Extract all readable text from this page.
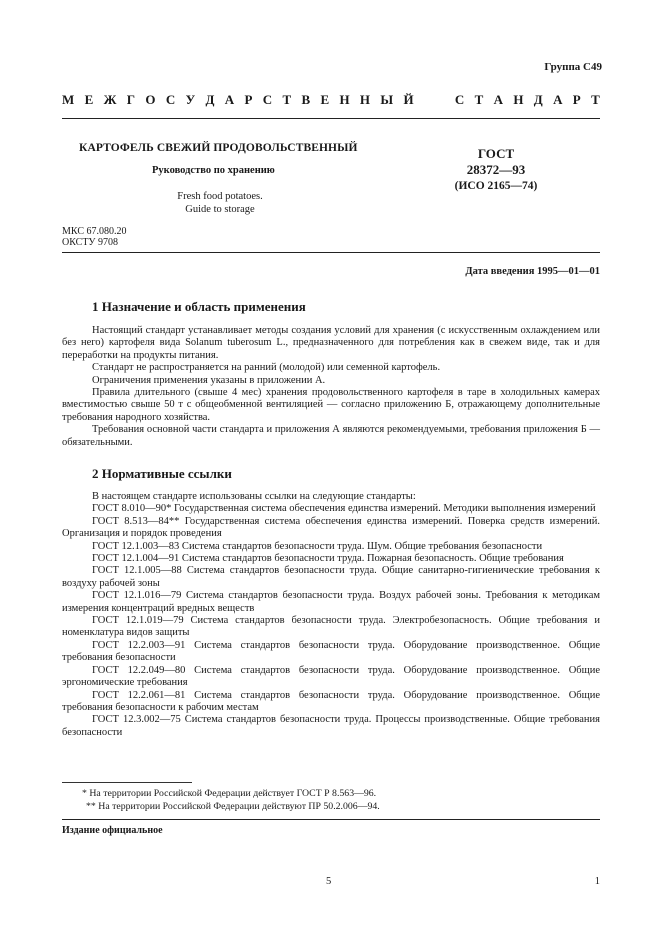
Группа С49
М Е Ж Г О С У Д А Р С Т В Е Н Н Ы Й	С Т А Н Д А Р Т
КАРТОФЕЛЬ СВЕЖИЙ ПРОДОВОЛЬСТВЕННЫЙ
Руководство по хранению
Fresh food potatoes.
Guide to storage
ГОСТ
28372—93
(ИСО 2165—74)
МКС 67.080.20
ОКСТУ 9708
Дата введения 1995—01—01
1 Назначение и область применения

Настоящий стандарт устанавливает методы создания условий для хранения (с искусственным охлаждением или без него) картофеля вида Solanum tuberosum L., предназначенного для потребления как в свежем виде, так и для переработки на продукты питания.

Стандарт не распространяется на ранний (молодой) или семенной картофель.

Ограничения применения указаны в приложении А.

Правила длительного (свыше 4 мес) хранения продовольственного картофеля в таре в холодильных камерах вместимостью свыше 50 т с общеобменной вентиляцией — согласно приложению Б, отражающему дополнительные требования народного хозяйства.

Требования основной части стандарта и приложения А являются рекомендуемыми, требования приложения Б — обязательными.

2 Нормативные ссылки

В настоящем стандарте использованы ссылки на следующие стандарты:

ГОСТ 8.010—90* Государственная система обеспечения единства измерений. Методики выполнения измерений

ГОСТ 8.513—84** Государственная система обеспечения единства измерений. Поверка средств измерений. Организация и порядок проведения

ГОСТ 12.1.003—83 Система стандартов безопасности труда. Шум. Общие требования безопасности

ГОСТ 12.1.004—91 Система стандартов безопасности труда. Пожарная безопасность. Общие требования

ГОСТ 12.1.005—88 Система стандартов безопасности труда. Общие санитарно-гигиенические требования к воздуху рабочей зоны

ГОСТ 12.1.016—79 Система стандартов безопасности труда. Воздух рабочей зоны. Требования к методикам измерения концентраций вредных веществ

ГОСТ 12.1.019—79 Система стандартов безопасности труда. Электробезопасность. Общие требования и номенклатура видов защиты

ГОСТ 12.2.003—91 Система стандартов безопасности труда. Оборудование производственное. Общие требования безопасности

ГОСТ 12.2.049—80 Система стандартов безопасности труда. Оборудование производственное. Общие эргономические требования

ГОСТ 12.2.061—81 Система стандартов безопасности труда. Оборудование производственное. Общие требования безопасности к рабочим местам

ГОСТ 12.3.002—75 Система стандартов безопасности труда. Процессы производственные. Общие требования безопасности

* На территории Российской Федерации действует ГОСТ Р 8.563—96.
** На территории Российской Федерации действуют ПР 50.2.006—94.
Издание официальное
5	1
